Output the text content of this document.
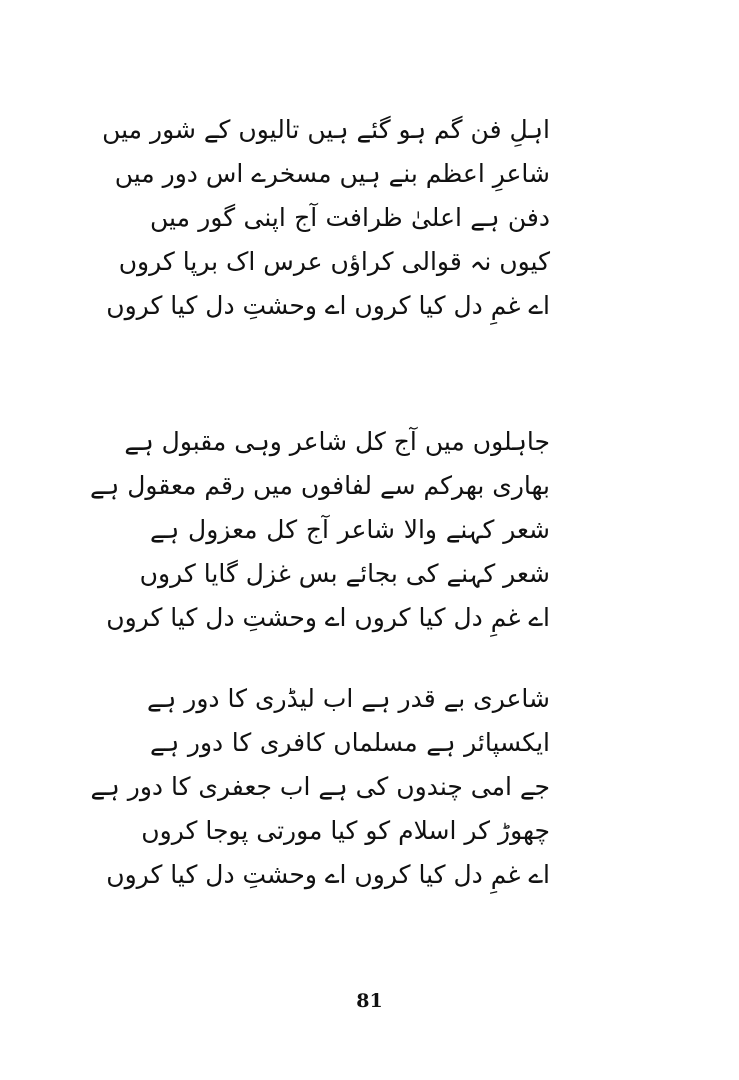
اہلِ فن گم ہو گئے ہیں تالیوں کے شور میں
شاعرِ اعظم بنے ہیں مسخرے اس دور میں
دفن ہے اعلیٰ ظرافت آج اپنی گور میں
کیوں نہ قوالی کراؤں عرس اک برپا کروں
اے غمِ دل کیا کروں اے وحشتِ دل کیا کروں
جاہلوں میں آج کل شاعر وہی مقبول ہے
بھاری بھرکم سے لفافوں میں رقم معقول ہے
شعر کہنے والا شاعر آج کل معزول ہے
شعر کہنے کی بجائے بس غزل گایا کروں
اے غمِ دل کیا کروں اے وحشتِ دل کیا کروں
شاعری بے قدر ہے اب لیڈری کا دور ہے
ایکسپائر ہے مسلماں کافری کا دور ہے
جے امی چندوں کی ہے اب جعفری کا دور ہے
چھوڑ کر اسلام کو کیا مورتی پوجا کروں
اے غمِ دل کیا کروں اے وحشتِ دل کیا کروں
81
